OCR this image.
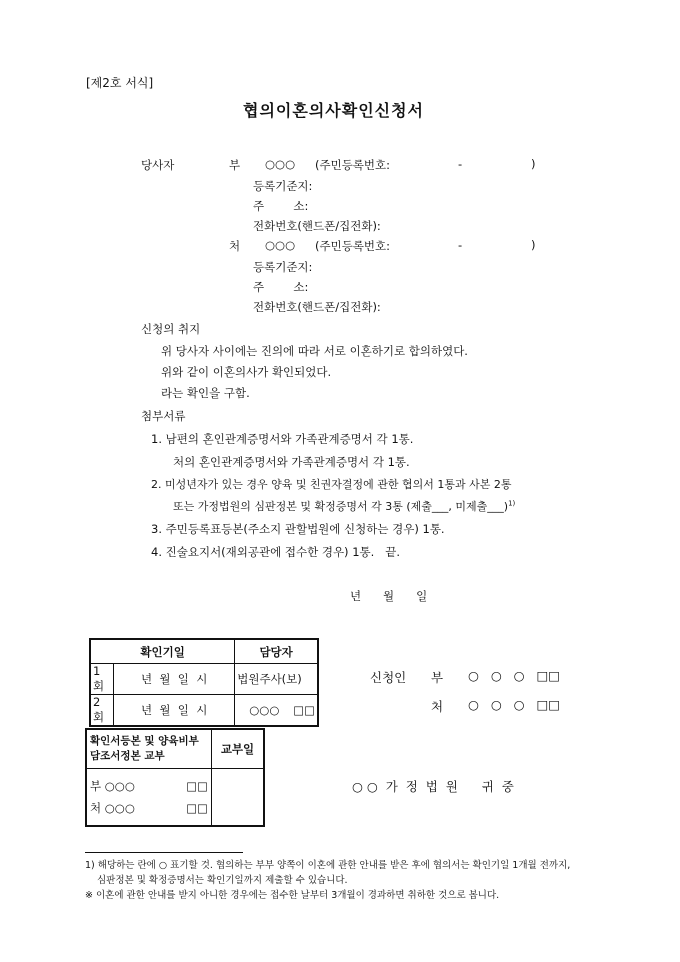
[제2호 서식]
협의이혼의사확인신청서
당사자	부 ○○○ (주민등록번호:	-	)
등록기준지:
주        소:
전화번호(핸드폰/집전화):
처 ○○○ (주민등록번호:	-	)
등록기준지:
주        소:
전화번호(핸드폰/집전화):
신청의 취지
위 당사자 사이에는 진의에 따라 서로 이혼하기로 합의하였다.
위와 같이 이혼의사가 확인되었다.
라는 확인을 구함.
첨부서류
1. 남편의 혼인관계증명서와 가족관계증명서 각 1통.
처의 혼인관계증명서와 가족관계증명서 각 1통.
2. 미성년자가 있는 경우 양육 및 친권자결정에 관한 협의서 1통과 사본 2통
또는 가정법원의 심판정본 및 확정증명서 각 3통 (제출___, 미제출___)$^{1)}$
3. 주민등록표등본(주소지 관할법원에 신청하는 경우) 1통.
4. 진술요지서(재외공관에 접수한 경우) 1통. 끝.
년      월      일
확인기일		담당자
1회	년  월  일  시	법원주사(보)
2회	년  월  일  시	○○○ □□
신청인 부 ○   ○   ○   □□
처 ○   ○   ○   □□
확인서등본 및 양육비부담조서정본 교부	교부일

부 ○○○ □□
처 ○○○ □□	

○ ○  가  정  법  원      귀  중
1) 해당하는 란에 ○ 표기할 것. 협의하는 부부 양쪽이 이혼에 관한 안내를 받은 후에 협의서는 확인기일 1개월 전까지,
심판정본 및 확정증명서는 확인기일까지 제출할 수 있습니다.
※ 이혼에 관한 안내를 받지 아니한 경우에는 접수한 날부터 3개월이 경과하면 취하한 것으로 봅니다.
